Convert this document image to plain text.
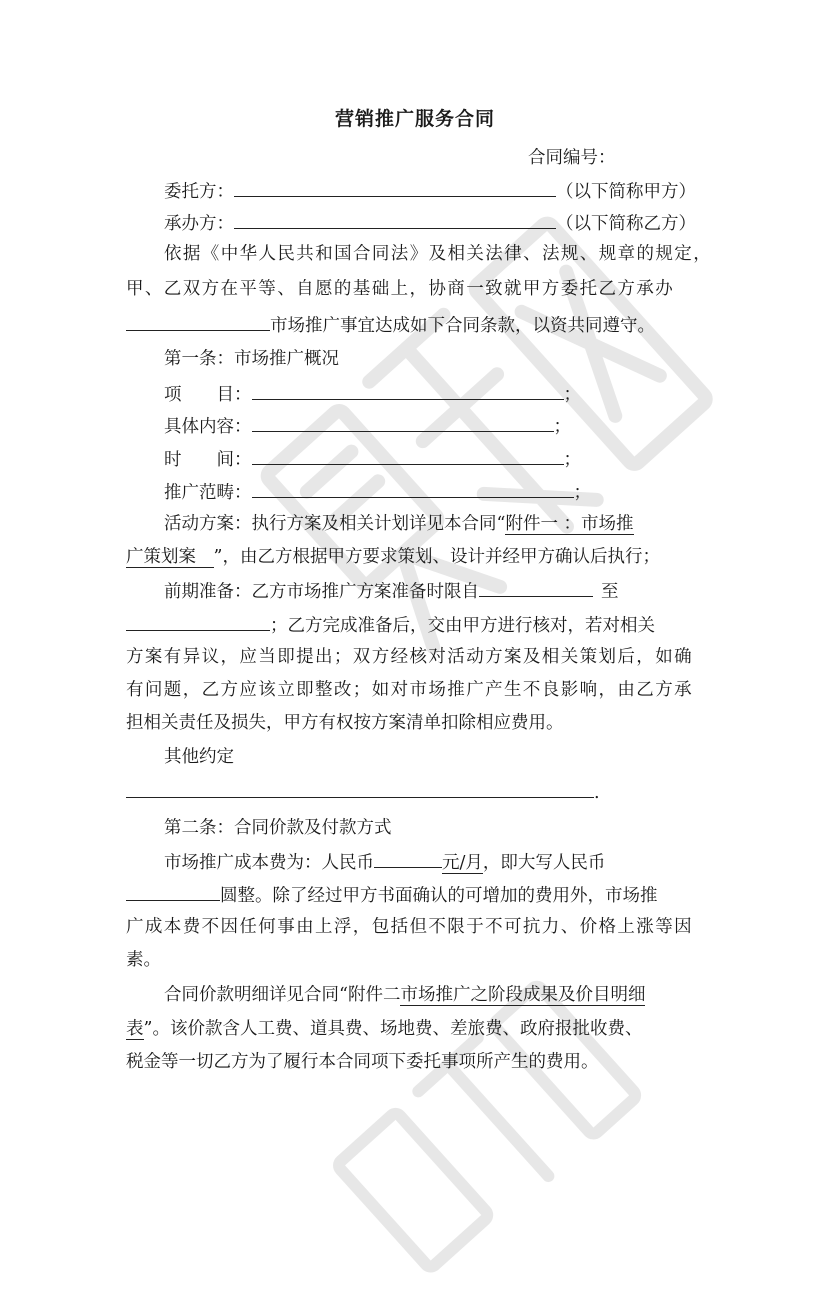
营销推广服务合同
合同编号：
委托方：	（以下简称甲方）
承办方：	（以下简称乙方）
依据《中华人民共和国合同法》及相关法律、法规、规章的规定，
甲、乙双方在平等、自愿的基础上，协商一致就甲方委托乙方承办
市场推广事宜达成如下合同条款，以资共同遵守。
第一条：市场推广概况
项　　目：	；
具体内容：	；
时　　间：	；
推广范畴：	；
活动方案：执行方案及相关计划详见本合同“附件一 ：市场推
广策划案　”，由乙方根据甲方要求策划、设计并经甲方确认后执行；
前期准备：乙方市场推广方案准备时限自	至
；乙方完成准备后，交由甲方进行核对，若对相关
方案有异议，应当即提出；双方经核对活动方案及相关策划后，如确
有问题，乙方应该立即整改；如对市场推广产生不良影响，由乙方承
担相关责任及损失，甲方有权按方案清单扣除相应费用。
其他约定
.
第二条：合同价款及付款方式
市场推广成本费为：人民币	元/月，即大写人民币
圆整。除了经过甲方书面确认的可增加的费用外，市场推
广成本费不因任何事由上浮，包括但不限于不可抗力、价格上涨等因
素。
合同价款明细详见合同“附件二市场推广之阶段成果及价目明细
表”。该价款含人工费、道具费、场地费、差旅费、政府报批收费、
税金等一切乙方为了履行本合同项下委托事项所产生的费用。
